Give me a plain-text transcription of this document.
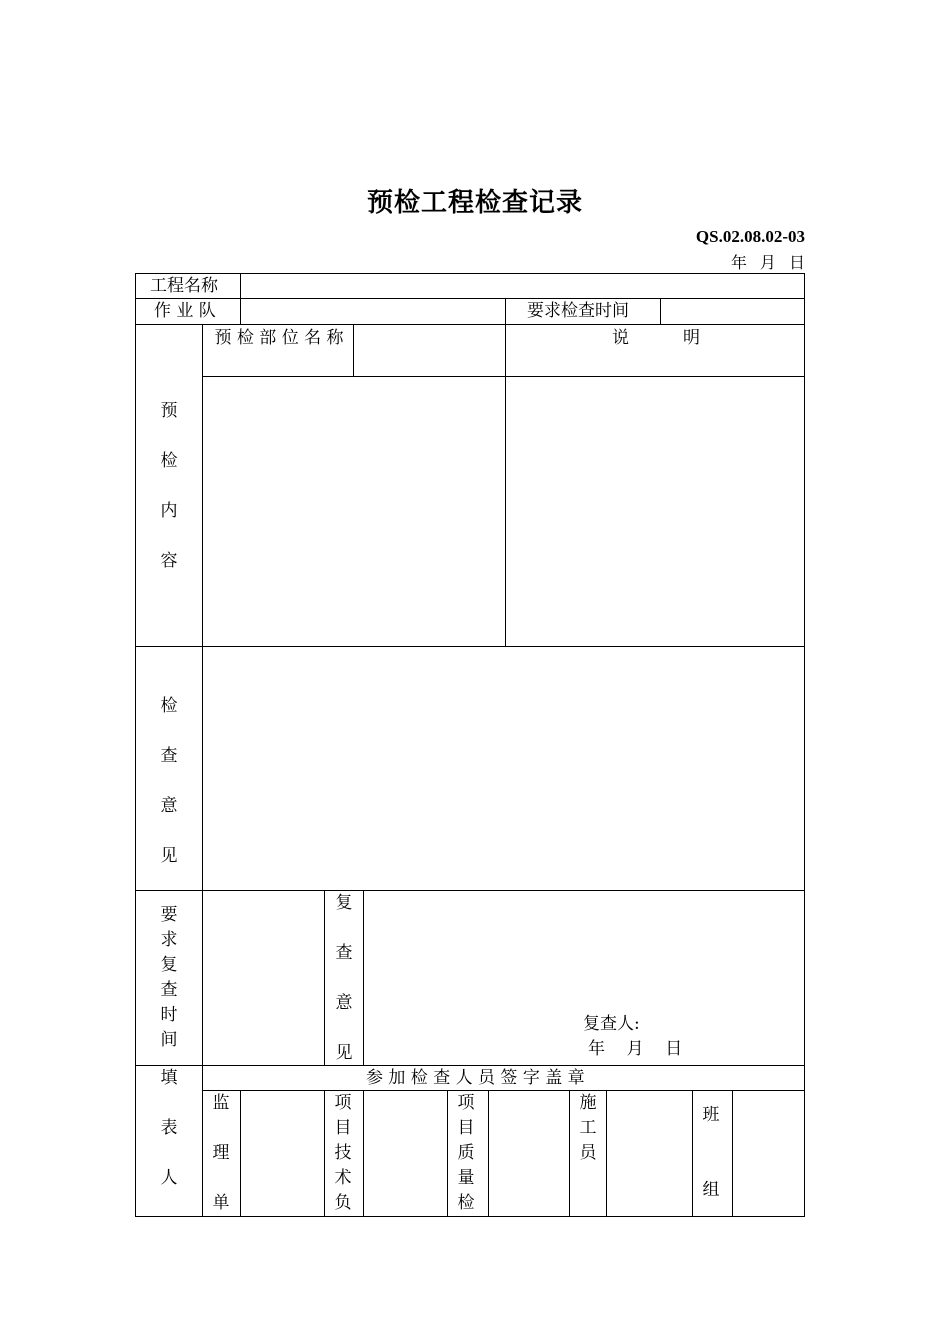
预检工程检查记录
QS.02.08.02-03
年 月 日
工程名称
作 业 队	要求检查时间
预 检 部 位 名 称	说          明
预检内容
检查意见
要求复查时间
复查意见
复查人:
年    月    日
填表人
参 加 检 查 人 员 签 字 盖 章
监理单
项目技术负
项目质量检
施工员
班组
